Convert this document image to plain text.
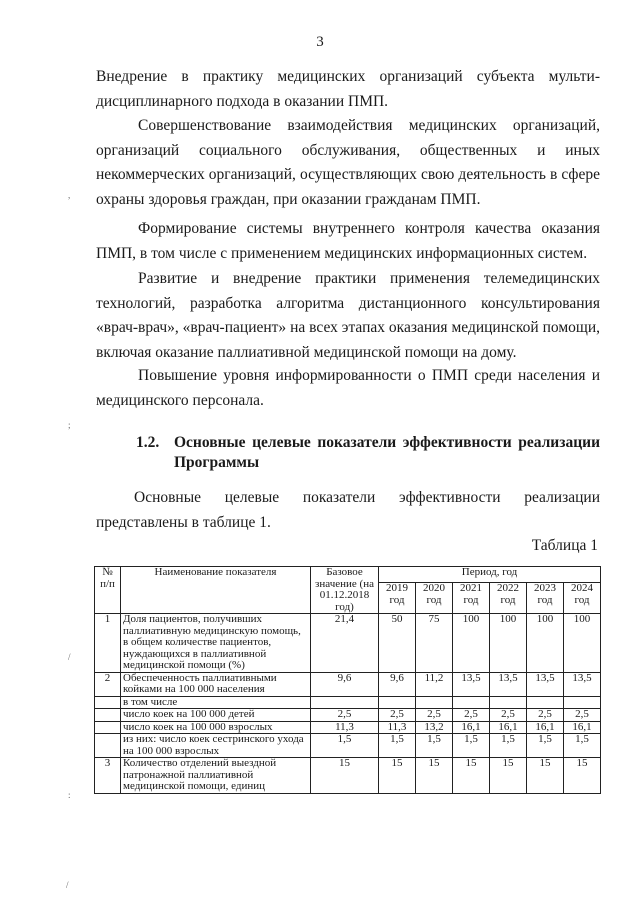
3

Внедрение в практику медицинских организаций субъекта мульти-дисциплинарного подхода в оказании ПМП.

Совершенствование взаимодействия медицинских организаций, организаций социального обслуживания, общественных и иных некоммерческих организаций, осуществляющих свою деятельность в сфере охраны здоровья граждан, при оказании гражданам ПМП.

Формирование системы внутреннего контроля качества оказания ПМП, в том числе с применением медицинских информационных систем.

Развитие и внедрение практики применения телемедицинских технологий, разработка алгоритма дистанционного консультирования «врач-врач», «врач-пациент» на всех этапах оказания медицинской помощи, включая оказание паллиативной медицинской помощи на дому.

Повышение уровня информированности о ПМП среди населения и медицинского персонала.

1.2. Основные целевые показатели эффективности реализации Программы

Основные целевые показатели эффективности реализации представлены в таблице 1.

Таблица 1
,
;
/
:
/
№ п/п	Наименование показателя	Базовое значение (на 01.12.2018 год)	Период, год					
			2019 год	2020 год	2021 год	2022 год	2023 год	2024 год
1	Доля пациентов, получивших паллиативную медицинскую помощь, в общем количестве пациентов, нуждающихся в паллиативной медицинской помощи (%)	21,4	50	75	100	100	100	100
2	Обеспеченность паллиативными койками на 100 000 населения	9,6	9,6	11,2	13,5	13,5	13,5	13,5
	в том числе							
	число коек на 100 000 детей	2,5	2,5	2,5	2,5	2,5	2,5	2,5
	число коек на 100 000 взрослых	11,3	11,3	13,2	16,1	16,1	16,1	16,1
	из них: число коек сестринского ухода на 100 000 взрослых	1,5	1,5	1,5	1,5	1,5	1,5	1,5
3	Количество отделений выездной патронажной паллиативной медицинской помощи, единиц	15	15	15	15	15	15	15
